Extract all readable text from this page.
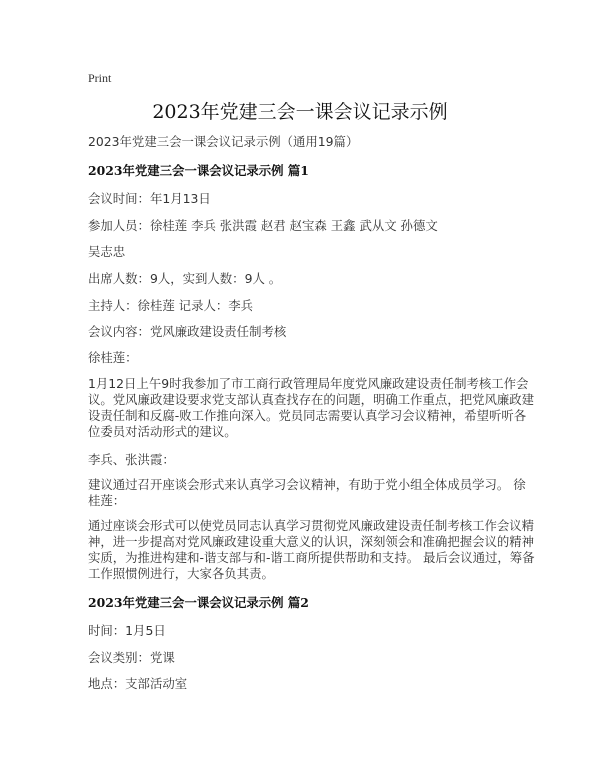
Print
2023年党建三会一课会议记录示例
2023年党建三会一课会议记录示例（通用19篇）
2023年党建三会一课会议记录示例 篇1
会议时间：年1月13日
参加人员：徐桂莲 李兵 张洪霞 赵君 赵宝森 王鑫 武从文 孙德文
吴志忠
出席人数：9人，实到人数：9人 。
主持人：徐桂莲 记录人：李兵
会议内容：党风廉政建设责任制考核
徐桂莲：
1月12日上午9时我参加了市工商行政管理局年度党风廉政建设责任制考核工作会
议。党风廉政建设要求党支部认真查找存在的问题，明确工作重点，把党风廉政建
设责任制和反腐-败工作推向深入。党员同志需要认真学习会议精神，希望听听各
位委员对活动形式的建议。
李兵、张洪霞：
建议通过召开座谈会形式来认真学习会议精神，有助于党小组全体成员学习。 徐
桂莲：
通过座谈会形式可以使党员同志认真学习贯彻党风廉政建设责任制考核工作会议精
神，进一步提高对党风廉政建设重大意义的认识，深刻领会和准确把握会议的精神
实质，为推进构建和-谐支部与和-谐工商所提供帮助和支持。 最后会议通过，筹备
工作照惯例进行，大家各负其责。
2023年党建三会一课会议记录示例 篇2
时间：1月5日
会议类别：党课
地点：支部活动室
